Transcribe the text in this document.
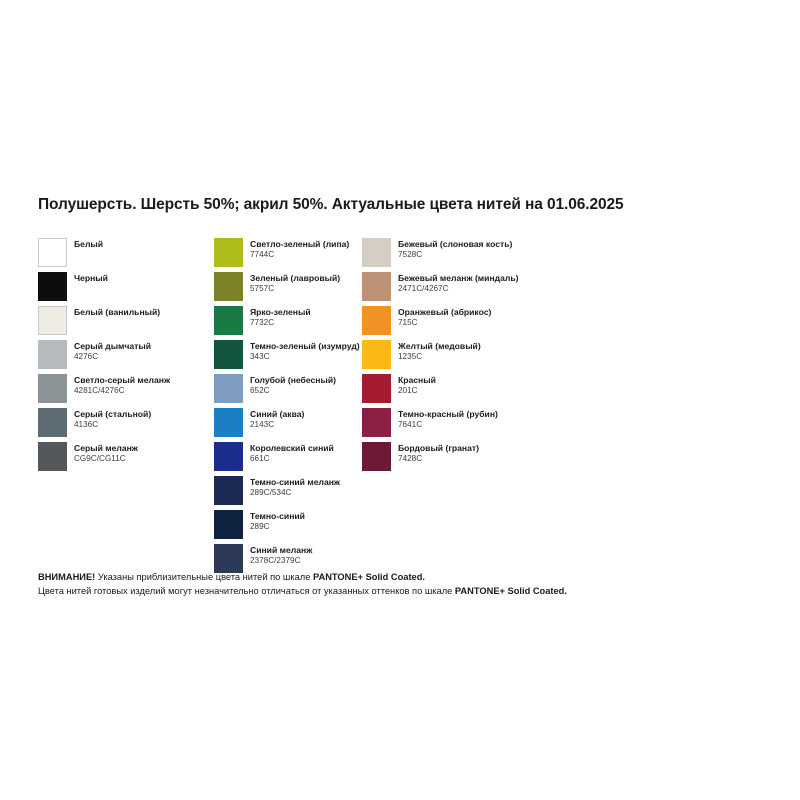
Полушерсть. Шерсть 50%; акрил 50%. Актуальные цвета нитей на 01.06.2025
Белый
Черный
Белый (ванильный)
Серый дымчатый
4276C
Светло-серый меланж
4281C/4276C
Серый (стальной)
4136C
Серый меланж
CG9C/CG11C
Светло-зеленый (липа)
7744C
Зеленый (лавровый)
5757C
Ярко-зеленый
7732C
Темно-зеленый (изумруд)
343C
Голубой (небесный)
652C
Синий (аква)
2143C
Королевский синий
661C
Темно-синий меланж
289C/534C
Темно-синий
289C
Синий меланж
2378C/2379C
Бежевый (слоновая кость)
7528C
Бежевый меланж (миндаль)
2471C/4267C
Оранжевый (абрикос)
715C
Желтый (медовый)
1235C
Красный
201C
Темно-красный (рубин)
7641C
Бордовый (гранат)
7428C
ВНИМАНИЕ! Указаны приблизительные цвета нитей по шкале PANTONE+ Solid Coated.
Цвета нитей готовых изделий могут незначительно отличаться от указанных оттенков по шкале PANTONE+ Solid Coated.
